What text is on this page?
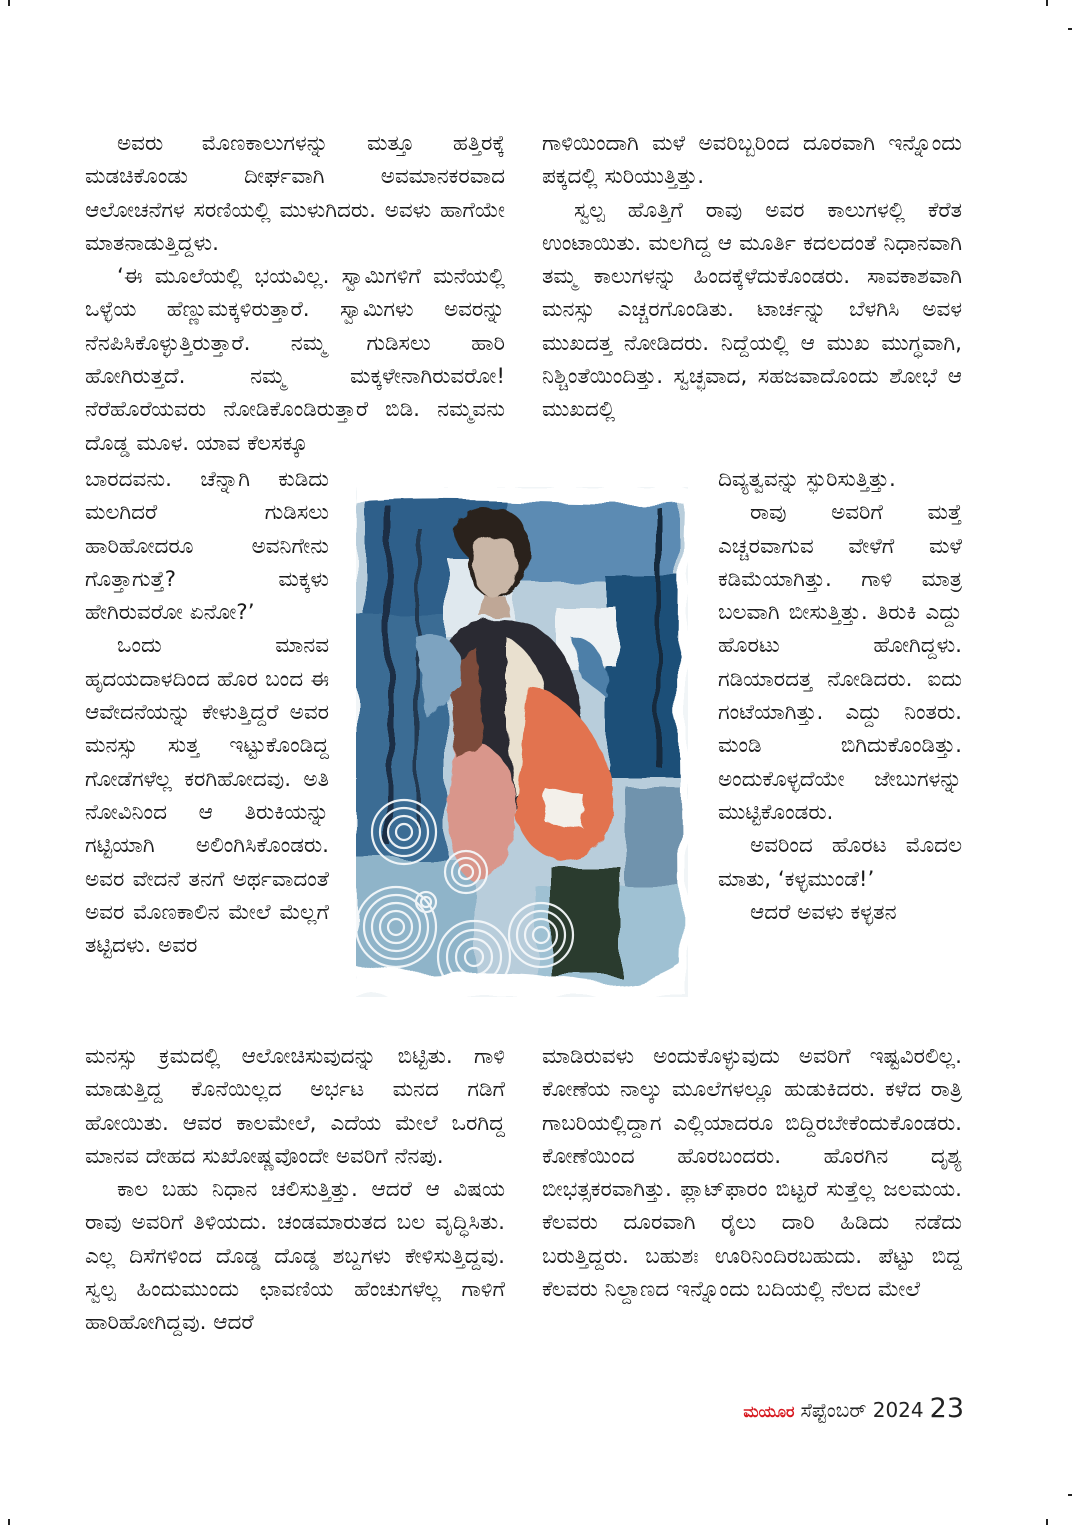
ಅವರು ಮೊಣಕಾಲುಗಳನ್ನು ಮತ್ತೂ ಹತ್ತಿರಕ್ಕೆ ಮಡಚಿಕೊಂಡು ದೀರ್ಘವಾಗಿ ಅವಮಾನಕರವಾದ ಆಲೋಚನೆಗಳ ಸರಣಿಯಲ್ಲಿ ಮುಳುಗಿದರು. ಅವಳು ಹಾಗೆಯೇ ಮಾತನಾಡುತ್ತಿದ್ದಳು.

‘ಈ ಮೂಲೆಯಲ್ಲಿ ಭಯವಿಲ್ಲ. ಸ್ವಾಮಿಗಳಿಗೆ ಮನೆಯಲ್ಲಿ ಒಳ್ಳೆಯ ಹೆಣ್ಣುಮಕ್ಕಳಿರುತ್ತಾರೆ. ಸ್ವಾಮಿಗಳು ಅವರನ್ನು ನೆನಪಿಸಿಕೊಳ್ಳುತ್ತಿರುತ್ತಾರೆ. ನಮ್ಮ ಗುಡಿಸಲು ಹಾರಿ ಹೋಗಿರುತ್ತದೆ. ನಮ್ಮ ಮಕ್ಕಳೇನಾಗಿರುವರೋ! ನೆರೆಹೊರೆಯವರು ನೋಡಿಕೊಂಡಿರುತ್ತಾರೆ ಬಿಡಿ. ನಮ್ಮವನು ದೊಡ್ಡ ಮೂಳ. ಯಾವ ಕೆಲಸಕ್ಕೂ

ಬಾರದವನು. ಚೆನ್ನಾಗಿ ಕುಡಿದು ಮಲಗಿದರೆ ಗುಡಿಸಲು ಹಾರಿಹೋದರೂ ಅವನಿಗೇನು ಗೊತ್ತಾಗುತ್ತೆ? ಮಕ್ಕಳು ಹೇಗಿರುವರೋ ಏನೋ?’

ಒಂದು ಮಾನವ ಹೃದಯದಾಳದಿಂದ ಹೊರ ಬಂದ ಈ ಆವೇದನೆಯನ್ನು ಕೇಳುತ್ತಿದ್ದರೆ ಅವರ ಮನಸ್ಸು ಸುತ್ತ ಇಟ್ಟುಕೊಂಡಿದ್ದ ಗೋಡೆಗಳೆಲ್ಲ ಕರಗಿಹೋದವು. ಅತಿ ನೋವಿನಿಂದ ಆ ತಿರುಕಿಯನ್ನು ಗಟ್ಟಿಯಾಗಿ ಅಲಿಂಗಿಸಿಕೊಂಡರು. ಅವರ ವೇದನೆ ತನಗೆ ಅರ್ಥವಾದಂತೆ ಅವರ ಮೊಣಕಾಲಿನ ಮೇಲೆ ಮೆಲ್ಲಗೆ ತಟ್ಟಿದಳು. ಅವರ

ಮನಸ್ಸು ಕ್ರಮದಲ್ಲಿ ಆಲೋಚಿಸುವುದನ್ನು ಬಿಟ್ಟಿತು. ಗಾಳಿ ಮಾಡುತ್ತಿದ್ದ ಕೊನೆಯಿಲ್ಲದ ಅರ್ಭಟ ಮನದ ಗಡಿಗೆ ಹೋಯಿತು. ಆವರ ಕಾಲಮೇಲೆ, ಎದೆಯ ಮೇಲೆ ಒರಗಿದ್ದ ಮಾನವ ದೇಹದ ಸುಖೋಷ್ಣವೊಂದೇ ಅವರಿಗೆ ನೆನಪು.

ಕಾಲ ಬಹು ನಿಧಾನ ಚಲಿಸುತ್ತಿತ್ತು. ಆದರೆ ಆ ವಿಷಯ ರಾವು ಅವರಿಗೆ ತಿಳಿಯದು. ಚಂಡಮಾರುತದ ಬಲ ವೃದ್ಧಿಸಿತು. ಎಲ್ಲ ದಿಸೆಗಳಿಂದ ದೊಡ್ಡ ದೊಡ್ಡ ಶಬ್ದಗಳು ಕೇಳಿಸುತ್ತಿದ್ದವು. ಸ್ವಲ್ಪ ಹಿಂದುಮುಂದು ಛಾವಣಿಯ ಹೆಂಚುಗಳೆಲ್ಲ ಗಾಳಿಗೆ ಹಾರಿಹೋಗಿದ್ದವು. ಆದರೆ

ಗಾಳಿಯಿಂದಾಗಿ ಮಳೆ ಅವರಿಬ್ಬರಿಂದ ದೂರವಾಗಿ ಇನ್ನೊಂದು ಪಕ್ಕದಲ್ಲಿ ಸುರಿಯುತ್ತಿತ್ತು.

ಸ್ವಲ್ಪ ಹೊತ್ತಿಗೆ ರಾವು ಅವರ ಕಾಲುಗಳಲ್ಲಿ ಕೆರೆತ ಉಂಟಾಯಿತು. ಮಲಗಿದ್ದ ಆ ಮೂರ್ತಿ ಕದಲದಂತೆ ನಿಧಾನವಾಗಿ ತಮ್ಮ ಕಾಲುಗಳನ್ನು ಹಿಂದಕ್ಕೆಳೆದುಕೊಂಡರು. ಸಾವಕಾಶವಾಗಿ ಮನಸ್ಸು ಎಚ್ಚರಗೊಂಡಿತು. ಟಾರ್ಚನ್ನು ಬೆಳಗಿಸಿ ಅವಳ ಮುಖದತ್ತ ನೋಡಿದರು. ನಿದ್ದೆಯಲ್ಲಿ ಆ ಮುಖ ಮುಗ್ಧವಾಗಿ, ನಿಶ್ಚಿಂತೆಯಿಂದಿತ್ತು. ಸ್ವಚ್ಛವಾದ, ಸಹಜವಾದೊಂದು ಶೋಭೆ ಆ ಮುಖದಲ್ಲಿ

ದಿವ್ಯತ್ವವನ್ನು ಸ್ಫುರಿಸುತ್ತಿತ್ತು.

ರಾವು ಅವರಿಗೆ ಮತ್ತೆ ಎಚ್ಚರವಾಗುವ ವೇಳೆಗೆ ಮಳೆ ಕಡಿಮೆಯಾಗಿತ್ತು. ಗಾಳಿ ಮಾತ್ರ ಬಲವಾಗಿ ಬೀಸುತ್ತಿತ್ತು. ತಿರುಕಿ ಎದ್ದು ಹೊರಟು ಹೋಗಿದ್ದಳು. ಗಡಿಯಾರದತ್ತ ನೋಡಿದರು. ಐದು ಗಂಟೆಯಾಗಿತ್ತು. ಎದ್ದು ನಿಂತರು. ಮಂಡಿ ಬಿಗಿದುಕೊಂಡಿತ್ತು. ಅಂದುಕೊಳ್ಳದೆಯೇ ಜೇಬುಗಳನ್ನು ಮುಟ್ಟಿಕೊಂಡರು.

ಅವರಿಂದ ಹೊರಟ ಮೊದಲ ಮಾತು, ‘ಕಳ್ಳಮುಂಡೆ!’

ಆದರೆ ಅವಳು ಕಳ್ಳತನ

ಮಾಡಿರುವಳು ಅಂದುಕೊಳ್ಳುವುದು ಅವರಿಗೆ ಇಷ್ಟವಿರಲಿಲ್ಲ. ಕೋಣೆಯ ನಾಲ್ಕು ಮೂಲೆಗಳಲ್ಲೂ ಹುಡುಕಿದರು. ಕಳೆದ ರಾತ್ರಿ ಗಾಬರಿಯಲ್ಲಿದ್ದಾಗ ಎಲ್ಲಿಯಾದರೂ ಬಿದ್ದಿರಬೇಕೆಂದುಕೊಂಡರು. ಕೋಣೆಯಿಂದ ಹೊರಬಂದರು. ಹೊರಗಿನ ದೃಶ್ಯ ಬೀಭತ್ಸಕರವಾಗಿತ್ತು. ಪ್ಲಾಟ್‌ಫಾರಂ ಬಿಟ್ಟರೆ ಸುತ್ತೆಲ್ಲ ಜಲಮಯ. ಕೆಲವರು ದೂರವಾಗಿ ರೈಲು ದಾರಿ ಹಿಡಿದು ನಡೆದು ಬರುತ್ತಿದ್ದರು. ಬಹುಶಃ ಊರಿನಿಂದಿರಬಹುದು. ಪೆಟ್ಟು ಬಿದ್ದ ಕೆಲವರು ನಿಲ್ದಾಣದ ಇನ್ನೊಂದು ಬದಿಯಲ್ಲಿ ನೆಲದ ಮೇಲೆ

ಮಯೂರ ಸೆಪ್ಟೆಂಬರ್ 2024 23
